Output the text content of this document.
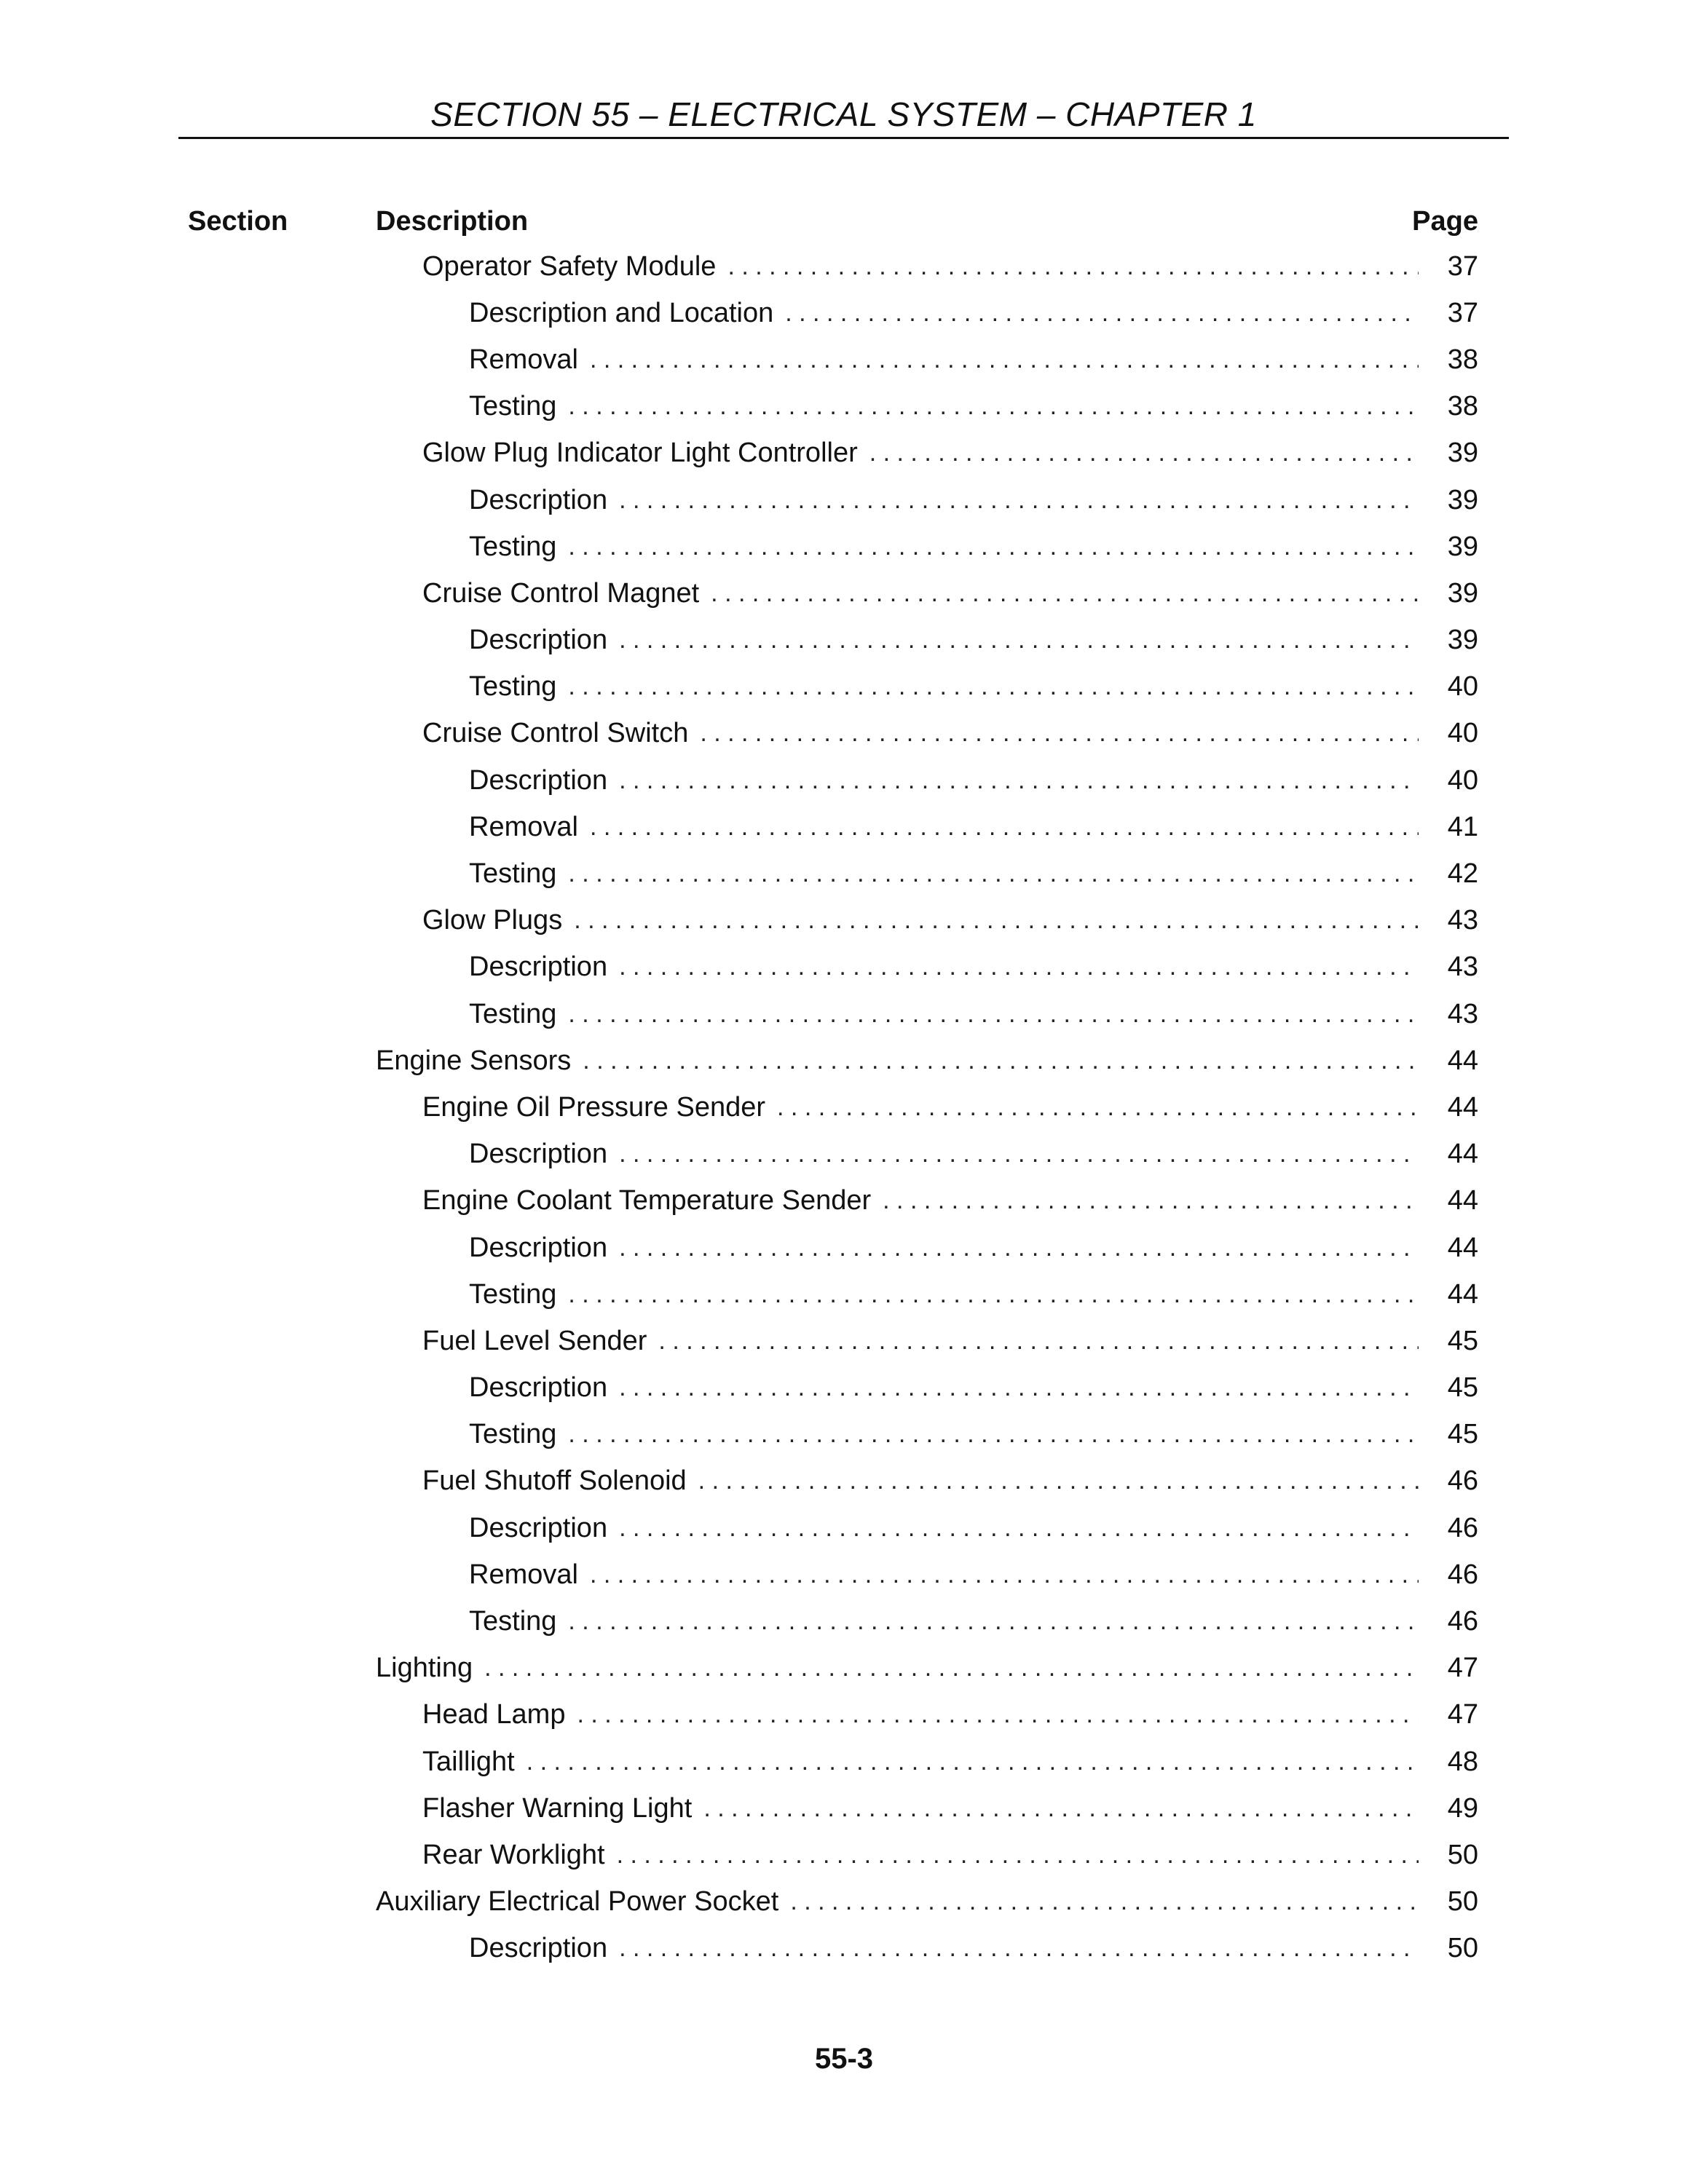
SECTION 55 – ELECTRICAL SYSTEM – CHAPTER 1
Section	Description	Page
Operator Safety Module . . .	37
Description and Location . . .	37
Removal . . .	38
Testing . . .	38
Glow Plug Indicator Light Controller . . .	39
Description . . .	39
Testing . . .	39
Cruise Control Magnet . . .	39
Description . . .	39
Testing . . .	40
Cruise Control Switch . . .	40
Description . . .	40
Removal . . .	41
Testing . . .	42
Glow Plugs . . .	43
Description . . .	43
Testing . . .	43
Engine Sensors . . .	44
Engine Oil Pressure Sender . . .	44
Description . . .	44
Engine Coolant Temperature Sender . . .	44
Description . . .	44
Testing . . .	44
Fuel Level Sender . . .	45
Description . . .	45
Testing . . .	45
Fuel Shutoff Solenoid . . .	46
Description . . .	46
Removal . . .	46
Testing . . .	46
Lighting . . .	47
Head Lamp . . .	47
Taillight . . .	48
Flasher Warning Light . . .	49
Rear Worklight . . .	50
Auxiliary Electrical Power Socket . . .	50
Description . . .	50
55-3
